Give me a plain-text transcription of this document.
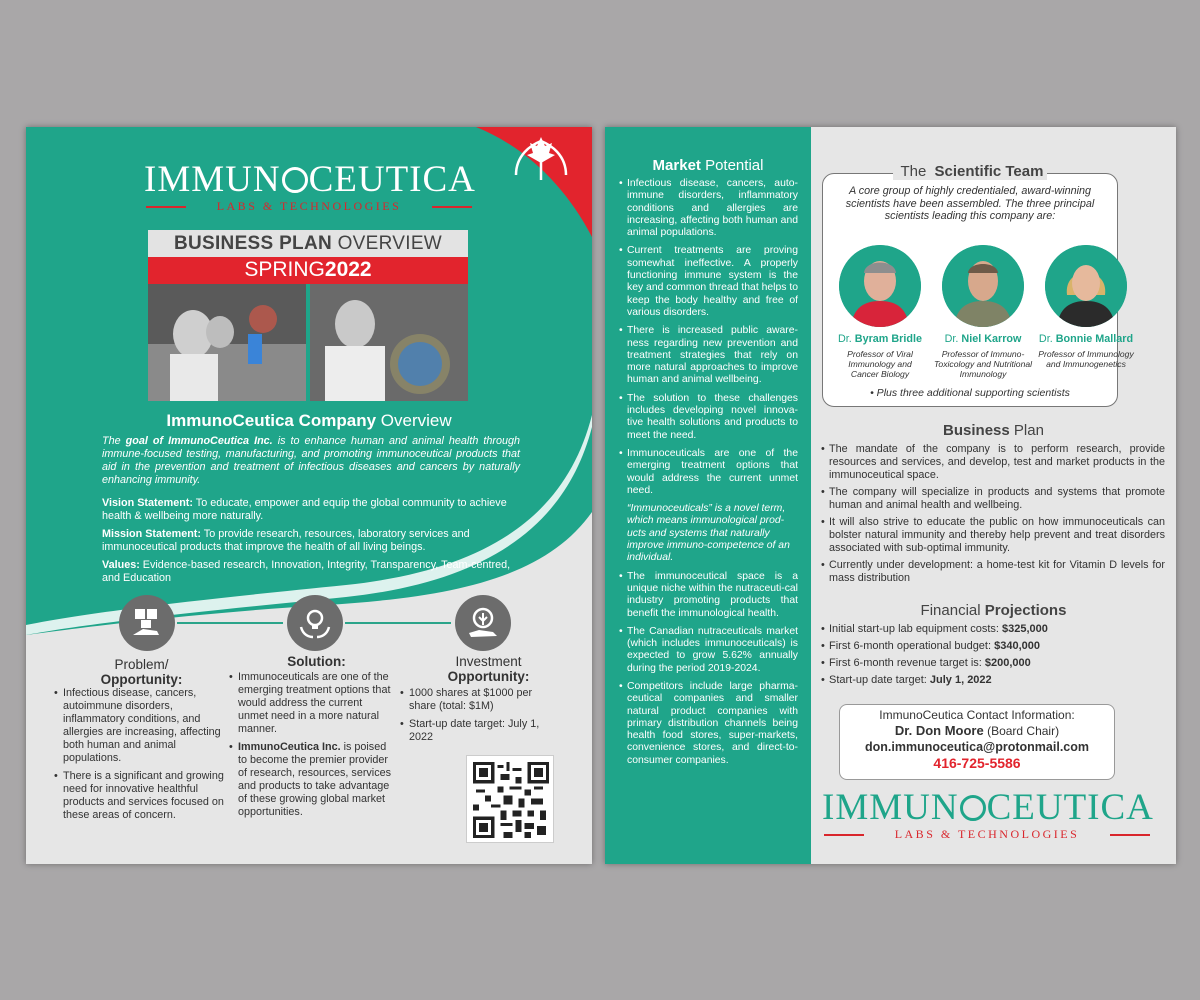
IMMUN CEUTICA
LABS & TECHNOLOGIES
BUSINESS PLAN OVERVIEW
SPRING2022
ImmunoCeutica Company Overview
The goal of ImmunoCeutica Inc. is to enhance human and animal health through immune-focused testing, manufacturing, and promoting immunoceutical products that aid in the prevention and treatment of infectious diseases and cancers by naturally enhancing immunity.
Vision Statement: To educate, empower and equip the global community to achieve health & wellbeing more naturally.
Mission Statement: To provide research, resources, laboratory services and immunoceutical products that improve the health of all living beings.
Values: Evidence-based research, Innovation, Integrity, Transparency, Team-centred, and Education
Problem/
Opportunity:
• Infectious disease, cancers, autoimmune disorders, inflammatory conditions, and allergies are increasing, affecting both human and animal populations.
• There is a significant and growing need for innovative healthful products and services focused on these areas of concern.
Solution:
• Immunoceuticals are one of the emerging treatment options that would address the current unmet need in a more natural manner.
• ImmunoCeutica Inc. is poised to become the premier provider of research, resources, services and products to take advantage of these growing global market opportunities.
Investment
Opportunity:
• 1000 shares at $1000 per share (total: $1M)
• Start-up date target: July 1, 2022
Market Potential
• Infectious disease, cancers, auto-immune disorders, inflammatory conditions and allergies are increasing, affecting both human and animal populations.
• Current treatments are proving somewhat ineffective. A properly functioning immune system is the key and common thread that helps to keep the body healthy and free of various disorders.
• There is increased public aware-ness regarding new prevention and treatment strategies that rely on more natural approaches to improve human and animal wellbeing.
• The solution to these challenges includes developing novel innova-tive health solutions and products to meet the need.
• Immunoceuticals are one of the emerging treatment options that would address the current unmet need.
“Immunoceuticals” is a novel term, which means immunological prod-ucts and systems that naturally improve immuno-competence of an individual.
• The immunoceutical space is a unique niche within the nutraceuti-cal industry promoting products that benefit the immunological health.
• The Canadian nutraceuticals market (which includes immunoceuticals) is expected to grow 5.62% annually during the period 2019-2024.
• Competitors include large pharma-ceutical companies and smaller natural product companies with primary distribution channels being health food stores, super-markets, convenience stores, and direct-to-consumer companies.
The Scientific Team
A core group of highly credentialed, award-winning scientists have been assembled. The three principal scientists leading this company are:
Dr. Byram Bridle
Professor of Viral Immunology and Cancer Biology
Dr. Niel Karrow
Professor of Immuno-Toxicology and Nutritional Immunology
Dr. Bonnie Mallard
Professor of Immunology and Immunogenetics
• Plus three additional supporting scientists
Business Plan
• The mandate of the company is to perform research, provide resources and services, and develop, test and market products in the immunoceutical space.
• The company will specialize in products and systems that promote human and animal health and wellbeing.
• It will also strive to educate the public on how immunoceuticals can bolster natural immunity and thereby help prevent and treat disorders associated with sub-optimal immunity.
• Currently under development: a home-test kit for Vitamin D levels for mass distribution
Financial Projections
• Initial start-up lab equipment costs: $325,000
• First 6-month operational budget: $340,000
• First 6-month revenue target is: $200,000
• Start-up date target: July 1, 2022
ImmunoCeutica Contact Information:
Dr. Don Moore (Board Chair)
don.immunoceutica@protonmail.com
416-725-5586
IMMUN CEUTICA
LABS & TECHNOLOGIES
